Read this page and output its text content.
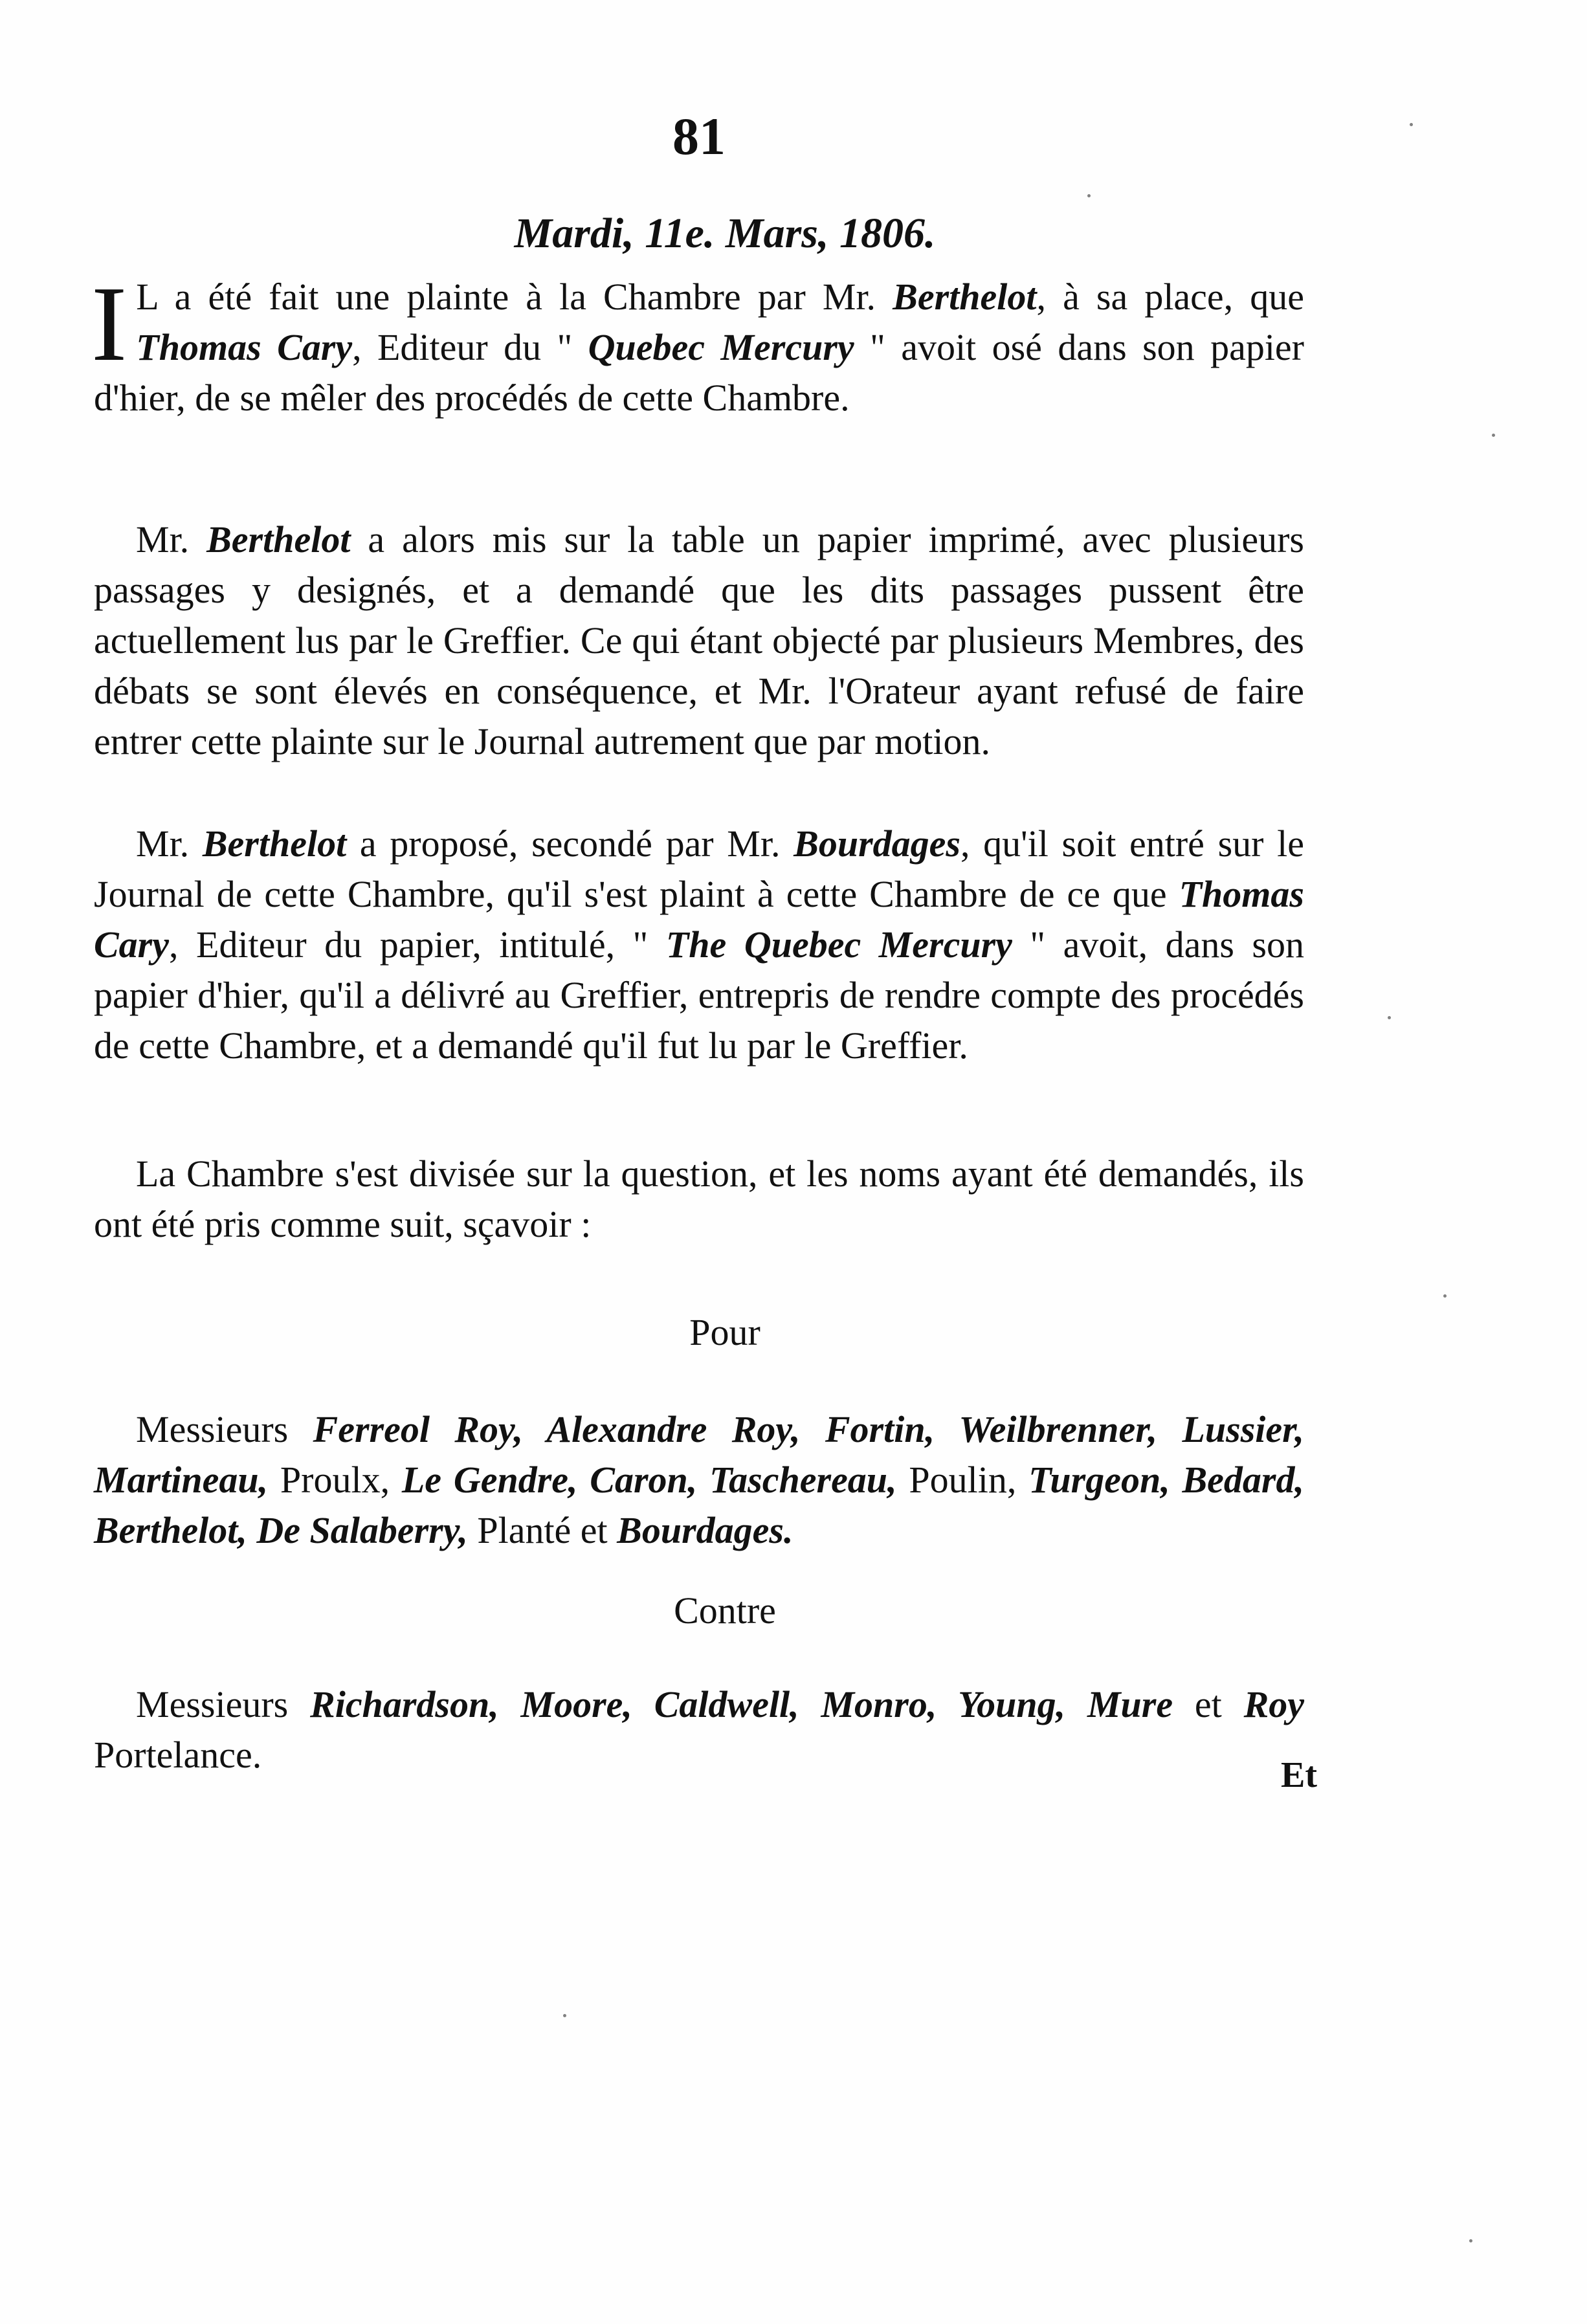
81
Mardi, 11e. Mars, 1806.
I L a été fait une plainte à la Chambre par Mr. Berthelot, à sa place, que Thomas Cary, Editeur du " Quebec Mercury " avoit osé dans son papier d'hier, de se mêler des procédés de cette Chambre.
Mr. Berthelot a alors mis sur la table un papier imprimé, avec plusieurs passages y designés, et a demandé que les dits passages pussent être actuellement lus par le Greffier. Ce qui étant objecté par plusieurs Membres, des débats se sont élevés en conséquence, et Mr. l'Orateur ayant refusé de faire entrer cette plainte sur le Journal autrement que par motion.
Mr. Berthelot a proposé, secondé par Mr. Bourdages, qu'il soit entré sur le Journal de cette Chambre, qu'il s'est plaint à cette Chambre de ce que Thomas Cary, Editeur du papier, intitulé, " The Quebec Mercury " avoit, dans son papier d'hier, qu'il a délivré au Greffier, entrepris de rendre compte des procédés de cette Chambre, et a demandé qu'il fut lu par le Greffier.
La Chambre s'est divisée sur la question, et les noms ayant été demandés, ils ont été pris comme suit, sçavoir :
Pour
Messieurs Ferreol Roy, Alexandre Roy, Fortin, Weilbrenner, Lussier, Martineau, Proulx, Le Gendre, Caron, Taschereau, Poulin, Turgeon, Bedard, Berthelot, De Salaberry, Planté et Bourdages.
Contre
Messieurs Richardson, Moore, Caldwell, Monro, Young, Mure et Roy Portelance.	Et
